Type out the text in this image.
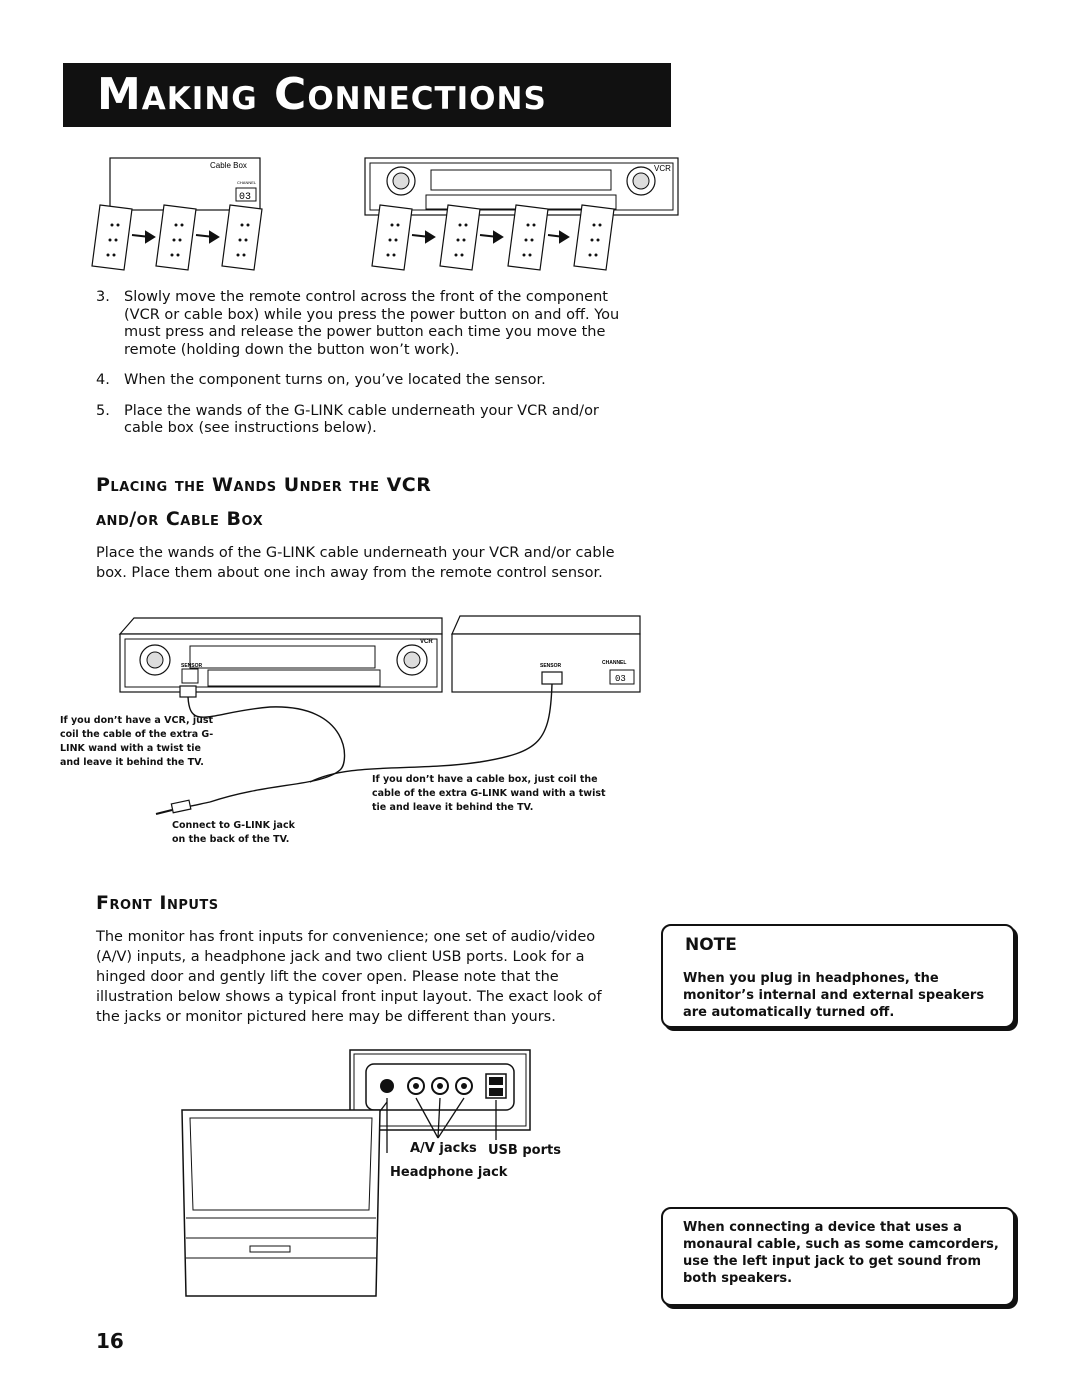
Making Connections
Cable Box
CHANNEL
03
VCR
3. Slowly move the remote control across the front of the component (VCR or cable box) while you press the power button on and off. You must press and release the power button each time you move the remote (holding down the button won’t work).
4. When the component turns on, you’ve located the sensor.
5. Place the wands of the G-LINK cable underneath your VCR and/or cable box (see instructions below).
Placing the Wands Under the VCR
and/or Cable Box
Place the wands of the G-LINK cable underneath your VCR and/or cable box. Place them about one inch away from the remote control sensor.
VCR
SENSOR	SENSOR	CHANNEL
03
If you don’t have a VCR, just coil the cable of the extra G-LINK wand with a twist tie and leave it behind the TV.
If you don’t have a cable box, just coil the cable of the extra G-LINK wand with a twist tie and leave it behind the TV.
Connect to G-LINK jack on the back of the TV.
Front Inputs
The monitor has front inputs for convenience; one set of audio/video (A/V) inputs, a headphone jack and two client USB ports. Look for a hinged door and gently lift the cover open. Please note that the illustration below shows a typical front input layout. The exact look of the jacks or monitor pictured here may be different than yours.
NOTE
When you plug in headphones, the monitor’s internal and external speakers are automatically turned off.
A/V jacks USB ports
Headphone jack
When connecting a device that uses a monaural cable, such as some camcorders, use the left input jack to get sound from both speakers.
16
